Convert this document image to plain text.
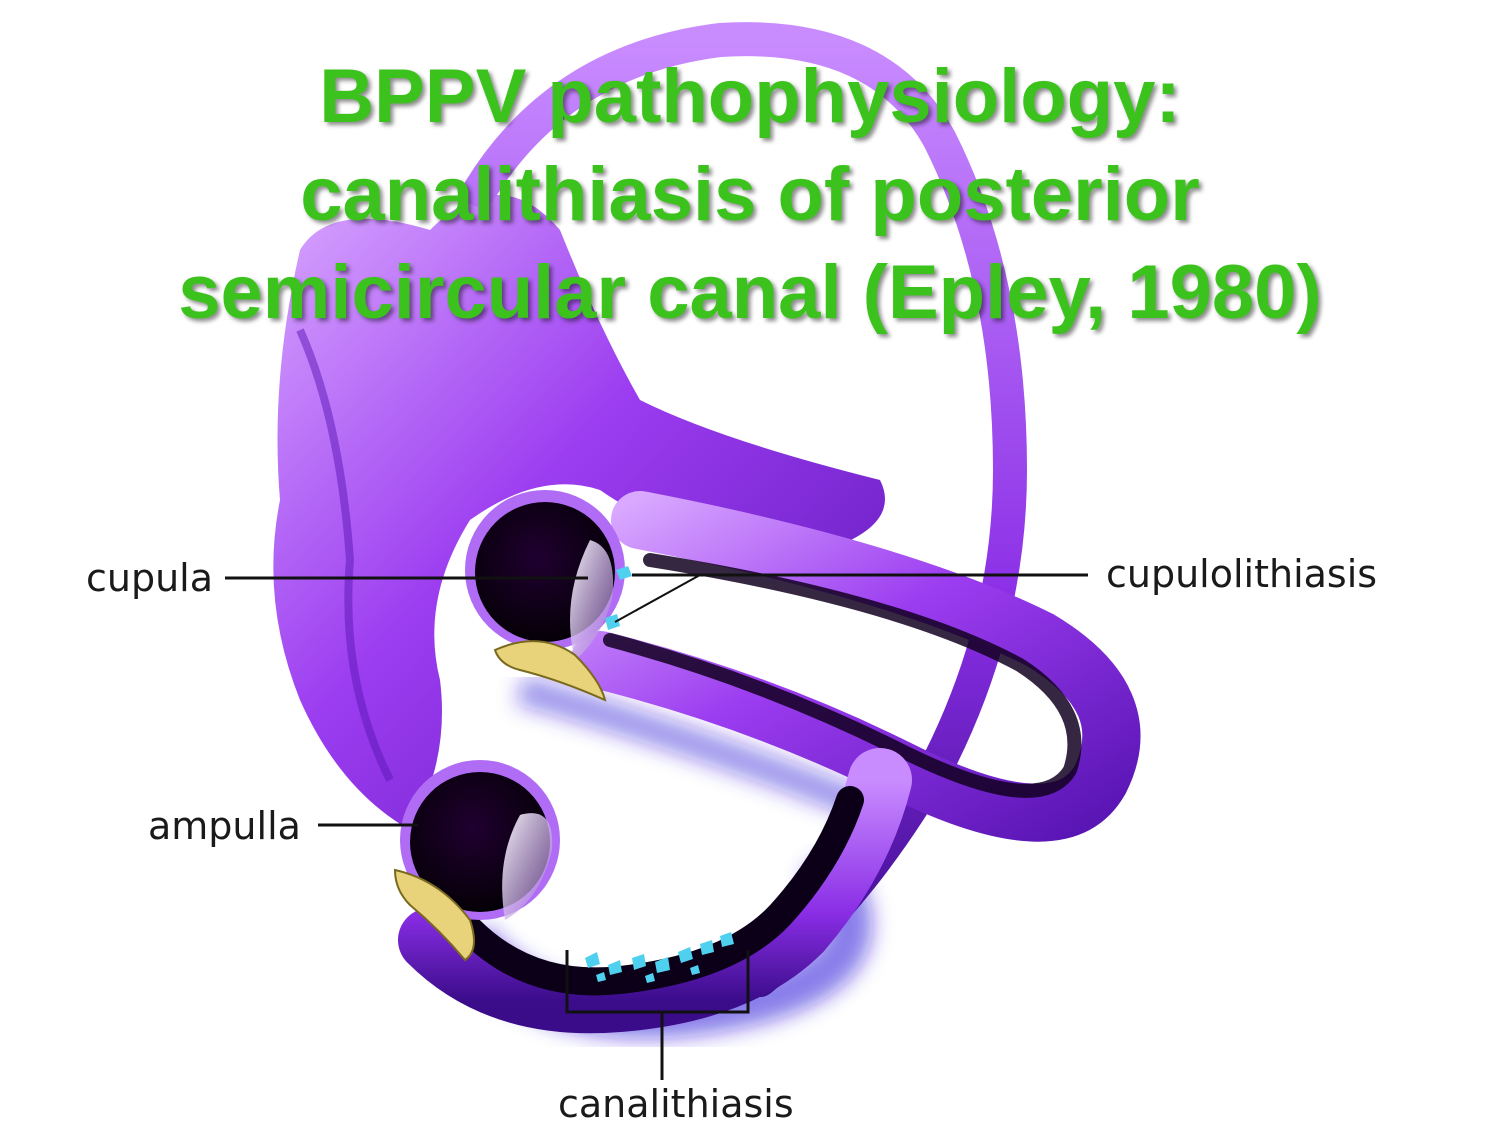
BPPV pathophysiology:
canalithiasis of posterior
semicircular canal (Epley, 1980)
cupula	cupulolithiasis
ampulla
canalithiasis
